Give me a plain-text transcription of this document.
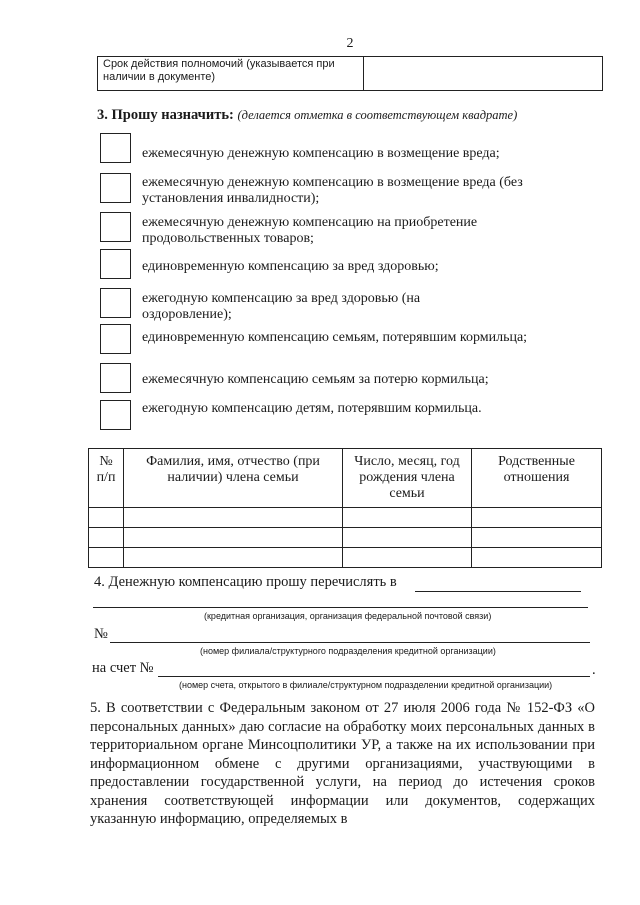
2
Срок действия полномочий (указывается при наличии в документе)	
3. Прошу назначить: (делается отметка в соответствующем квадрате)
ежемесячную денежную компенсацию в возмещение вреда;
ежемесячную денежную компенсацию в возмещение вреда (без установления инвалидности);
ежемесячную денежную компенсацию на приобретение продовольственных товаров;
единовременную компенсацию за вред здоровью;
ежегодную компенсацию за вред здоровью (на оздоровление);
единовременную компенсацию семьям, потерявшим кормильца;
ежемесячную компенсацию семьям за потерю кормильца;
ежегодную компенсацию детям, потерявшим кормильца.
№ п/п	Фамилия, имя, отчество (при наличии) члена семьи	Число, месяц, год рождения члена семьи	Родственные отношения

4. Денежную компенсацию прошу перечислять в
(кредитная организация, организация федеральной почтовой связи)
№
(номер филиала/структурного подразделения кредитной организации)
на счет №	.
(номер счета, открытого в филиале/структурном подразделении кредитной организации)
5. В соответствии с Федеральным законом от 27 июля 2006 года № 152-ФЗ «О персональных данных» даю согласие на обработку моих персональных данных в территориальном органе Минсоцполитики УР, а также на их использовании при информационном обмене с другими организациями, участвующими в предоставлении государственной услуги, на период до истечения сроков хранения соответствующей информации или документов, содержащих указанную информацию, определяемых в
